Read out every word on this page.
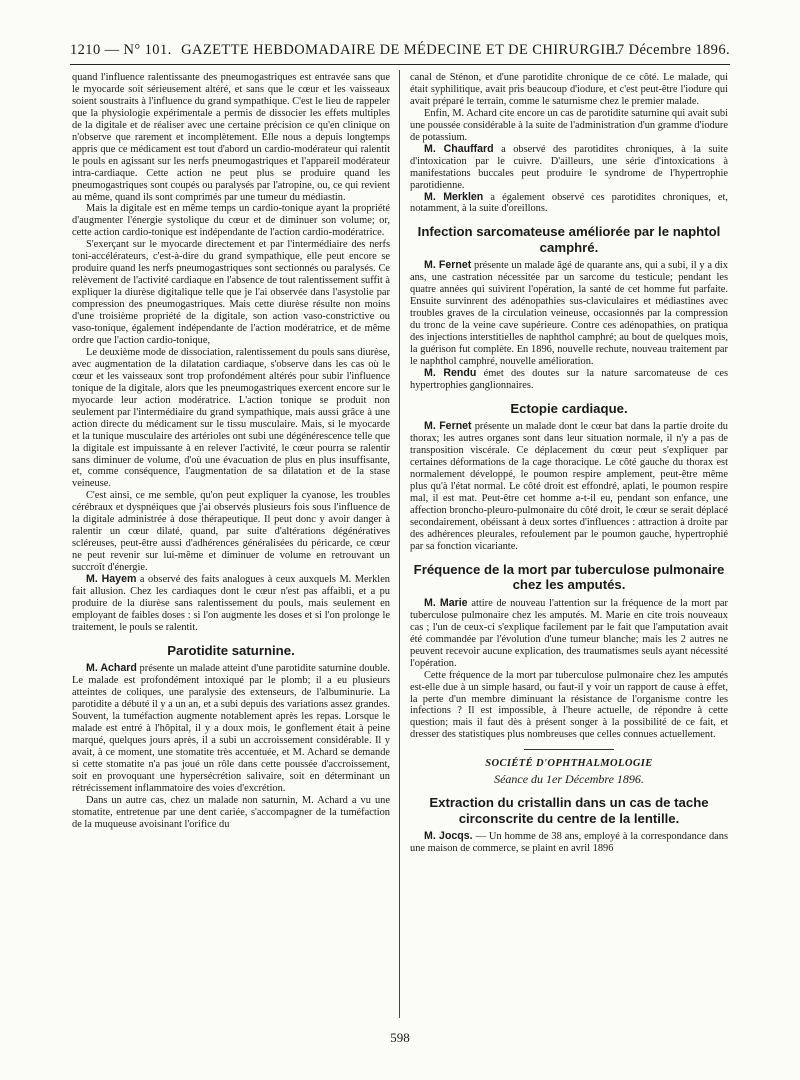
1210 — N° 101. GAZETTE HEBDOMADAIRE DE MÉDECINE ET DE CHIRURGIE.
17 Décembre 1896.

quand l'influence ralentissante des pneumogastriques est entravée sans que le myocarde soit sérieusement altéré, et sans que le cœur et les vaisseaux soient soustraits à l'influence du grand sympathique. C'est le lieu de rappeler que la physiologie expérimentale a permis de dissocier les effets multiples de la digitale et de réaliser avec une certaine précision ce qu'en clinique on n'observe que rarement et incomplètement. Elle nous a depuis longtemps appris que ce médicament est tout d'abord un cardio-modérateur qui ralentit le pouls en agissant sur les nerfs pneumogastriques et l'appareil modérateur intra-cardiaque. Cette action ne peut plus se produire quand les pneumogastriques sont coupés ou paralysés par l'atropine, ou, ce qui revient au même, quand ils sont comprimés par une tumeur du médiastin.

Mais la digitale est en même temps un cardio-tonique ayant la propriété d'augmenter l'énergie systolique du cœur et de diminuer son volume; or, cette action cardio-tonique est indépendante de l'action cardio-modératrice.

S'exerçant sur le myocarde directement et par l'intermédiaire des nerfs toni-accélérateurs, c'est-à-dire du grand sympathique, elle peut encore se produire quand les nerfs pneumogastriques sont sectionnés ou paralysés. Ce relèvement de l'activité cardiaque en l'absence de tout ralentissement suffit à expliquer la diurèse digitalique telle que je l'ai observée dans l'asystolie par compression des pneumogastriques. Mais cette diurèse résulte non moins d'une troisième propriété de la digitale, son action vaso-constrictive ou vaso-tonique, également indépendante de l'action modératrice, et de même ordre que l'action cardio-tonique,

Le deuxième mode de dissociation, ralentissement du pouls sans diurèse, avec augmentation de la dilatation cardiaque, s'observe dans les cas où le cœur et les vaisseaux sont trop profondément altérés pour subir l'influence tonique de la digitale, alors que les pneumogastriques exercent encore sur le myocarde leur action modératrice. L'action tonique se produit non seulement par l'intermédiaire du grand sympathique, mais aussi grâce à une action directe du médicament sur le tissu musculaire. Mais, si le myocarde et la tunique musculaire des artérioles ont subi une dégénérescence telle que la digitale est impuissante à en relever l'activité, le cœur pourra se ralentir sans diminuer de volume, d'où une évacuation de plus en plus insuffisante, et, comme conséquence, l'augmentation de sa dilatation et de la stase veineuse.

C'est ainsi, ce me semble, qu'on peut expliquer la cyanose, les troubles cérébraux et dyspnéiques que j'ai observés plusieurs fois sous l'influence de la digitale administrée à dose thérapeutique. Il peut donc y avoir danger à ralentir un cœur dilaté, quand, par suite d'altérations dégénératives scléreuses, peut-être aussi d'adhérences généralisées du péricarde, ce cœur ne peut revenir sur lui-même et diminuer de volume en retrouvant un succroît d'énergie.

M. Hayem a observé des faits analogues à ceux auxquels M. Merklen fait allusion. Chez les cardiaques dont le cœur n'est pas affaibli, et a pu produire de la diurèse sans ralentissement du pouls, mais seulement en employant de faibles doses : si l'on augmente les doses et si l'on prolonge le traitement, le pouls se ralentit.

Parotidite saturnine.

M. Achard présente un malade atteint d'une parotidite saturnine double. Le malade est profondément intoxiqué par le plomb; il a eu plusieurs atteintes de coliques, une paralysie des extenseurs, de l'albuminurie. La parotidite a débuté il y a un an, et a subi depuis des variations assez grandes. Souvent, la tuméfaction augmente notablement après les repas. Lorsque le malade est entré à l'hôpital, il y a doux mois, le gonflement était à peine marqué, quelques jours après, il a subi un accroissement considérable. Il y avait, à ce moment, une stomatite très accentuée, et M. Achard se demande si cette stomatite n'a pas joué un rôle dans cette poussée d'accroissement, soit en provoquant une hypersécrétion salivaire, soit en déterminant un rétrécissement inflammatoire des voies d'excrétion.

Dans un autre cas, chez un malade non saturnin, M. Achard a vu une stomatite, entretenue par une dent cariée, s'accompagner de la tuméfaction de la muqueuse avoisinant l'orifice du

canal de Sténon, et d'une parotidite chronique de ce côté. Le malade, qui était syphilitique, avait pris beaucoup d'iodure, et c'est peut-être l'iodure qui avait préparé le terrain, comme le saturnisme chez le premier malade.

Enfin, M. Achard cite encore un cas de parotidite saturnine qui avait subi une poussée considérable à la suite de l'administration d'un gramme d'iodure de potassium.

M. Chauffard a observé des parotidites chroniques, à la suite d'intoxication par le cuivre. D'ailleurs, une série d'intoxications à manifestations buccales peut produire le syndrome de l'hypertrophie parotidienne.

M. Merklen a également observé ces parotidites chroniques, et, notamment, à la suite d'oreillons.

Infection sarcomateuse améliorée par le naphtol camphré.

M. Fernet présente un malade âgé de quarante ans, qui a subi, il y a dix ans, une castration nécessitée par un sarcome du testicule; pendant les quatre années qui suivirent l'opération, la santé de cet homme fut parfaite. Ensuite survinrent des adénopathies sus-claviculaires et médiastines avec troubles graves de la circulation veineuse, occasionnés par la compression du tronc de la veine cave supérieure. Contre ces adénopathies, on pratiqua des injections interstitielles de naphthol camphré; au bout de quelques mois, la guérison fut complète. En 1896, nouvelle rechute, nouveau traitement par le naphthol camphré, nouvelle amélioration.

M. Rendu émet des doutes sur la nature sarcomateuse de ces hypertrophies ganglionnaires.

Ectopie cardiaque.

M. Fernet présente un malade dont le cœur bat dans la partie droite du thorax; les autres organes sont dans leur situation normale, il n'y a pas de transposition viscérale. Ce déplacement du cœur peut s'expliquer par certaines déformations de la cage thoracique. Le côté gauche du thorax est normalement développé, le poumon respire amplement, peut-être même plus qu'à l'état normal. Le côté droit est effondré, aplati, le poumon respire mal, il est mat. Peut-être cet homme a-t-il eu, pendant son enfance, une affection broncho-pleuro-pulmonaire du côté droit, le cœur se serait déplacé secondairement, obéissant à deux sortes d'influences : attraction à droite par des adhérences pleurales, refoulement par le poumon gauche, hypertrophié par sa fonction vicariante.

Fréquence de la mort par tuberculose pulmonaire chez les amputés.

M. Marie attire de nouveau l'attention sur la fréquence de la mort par tuberculose pulmonaire chez les amputés. M. Marie en cite trois nouveaux cas ; l'un de ceux-ci s'explique facilement par le fait que l'amputation avait été commandée par l'évolution d'une tumeur blanche; mais les 2 autres ne peuvent recevoir aucune explication, des traumatismes seuls ayant nécessité l'opération.

Cette fréquence de la mort par tuberculose pulmonaire chez les amputés est-elle due à un simple hasard, ou faut-il y voir un rapport de cause à effet, la perte d'un membre diminuant la résistance de l'organisme contre les infections ? Il est impossible, à l'heure actuelle, de répondre à cette question; mais il faut dès à présent songer à la possibilité de ce fait, et dresser des statistiques plus nombreuses que celles connues actuellement.

SOCIÉTÉ D'OPHTHALMOLOGIE
Séance du 1er Décembre 1896.
Extraction du cristallin dans un cas de tache circonscrite du centre de la lentille.

M. Jocqs. — Un homme de 38 ans, employé à la correspondance dans une maison de commerce, se plaint en avril 1896

598
